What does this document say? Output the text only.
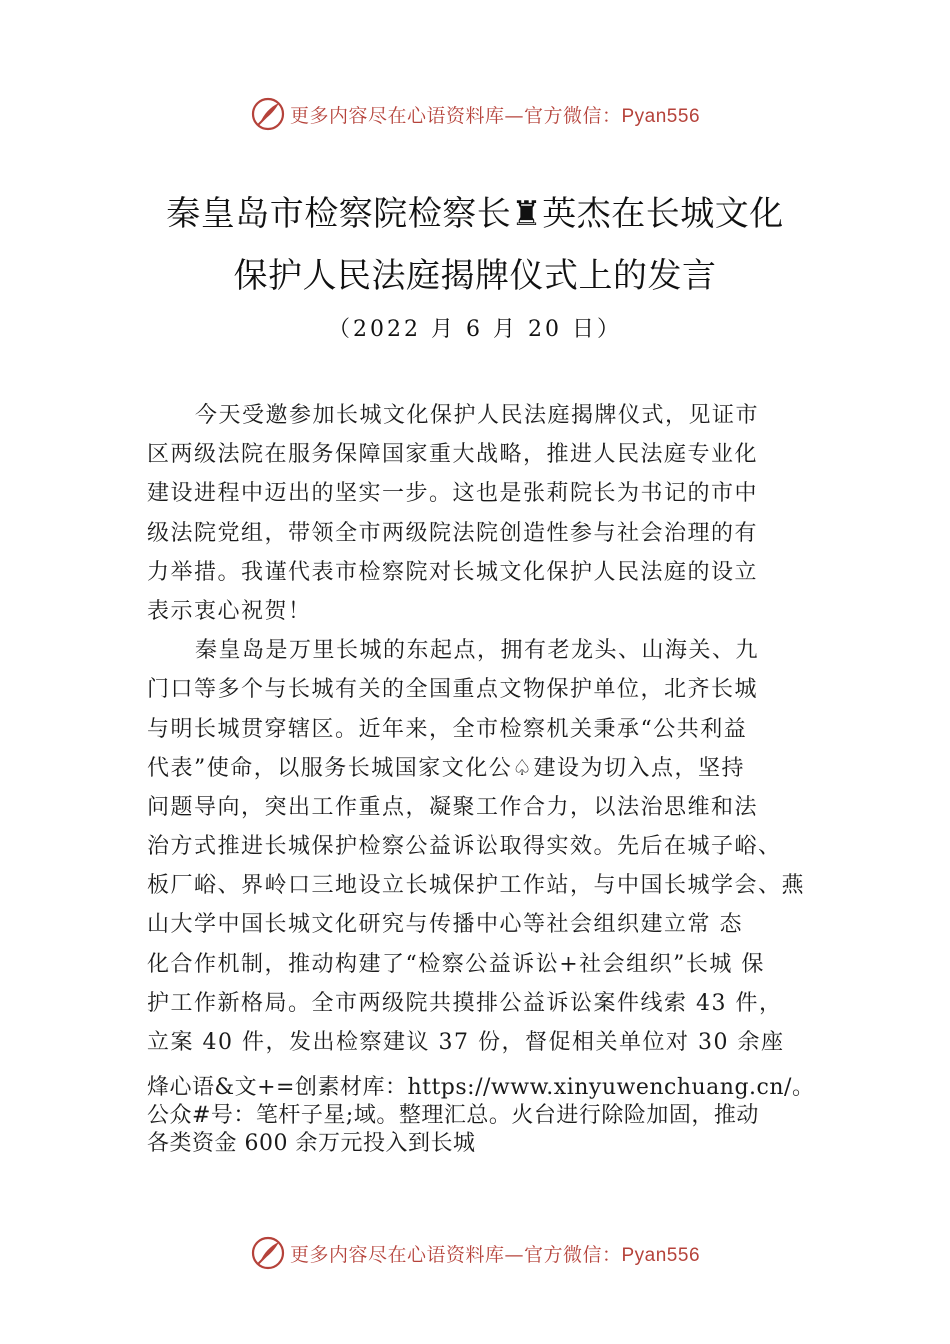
更多内容尽在心语资料库—官方微信：Pyan556
秦皇岛市检察院检察长♜英杰在长城文化
保护人民法庭揭牌仪式上的发言
（2022 月 6 月 20 日）

今天受邀参加长城文化保护人民法庭揭牌仪式，见证市
区两级法院在服务保障国家重大战略，推进人民法庭专业化
建设进程中迈出的坚实一步。这也是张莉院长为书记的市中
级法院党组，带领全市两级院法院创造性参与社会治理的有
力举措。我谨代表市检察院对长城文化保护人民法庭的设立
表示衷心祝贺！

秦皇岛是万里长城的东起点，拥有老龙头、山海关、九
门口等多个与长城有关的全国重点文物保护单位，北齐长城
与明长城贯穿辖区。近年来，全市检察机关秉承“公共利益
代表”使命，以服务长城国家文化公♤建设为切入点，坚持
问题导向，突出工作重点，凝聚工作合力，以法治思维和法
治方式推进长城保护检察公益诉讼取得实效。先后在城子峪、
板厂峪、界岭口三地设立长城保护工作站，与中国长城学会、燕
山大学中国长城文化研究与传播中心等社会组织建立常 态
化合作机制，推动构建了“检察公益诉讼+社会组织”长城 保
护工作新格局。全市两级院共摸排公益诉讼案件线索 43 件，
立案 40 件，发出检察建议 37 份，督促相关单位对 30 余座

烽心语&文+=创素材库：https://www.xinyuwenchuang.cn/。
公众#号：笔杆子星;域。整理汇总。火台进行除险加固，推动
各类资金 600 余万元投入到长城
更多内容尽在心语资料库—官方微信：Pyan556
